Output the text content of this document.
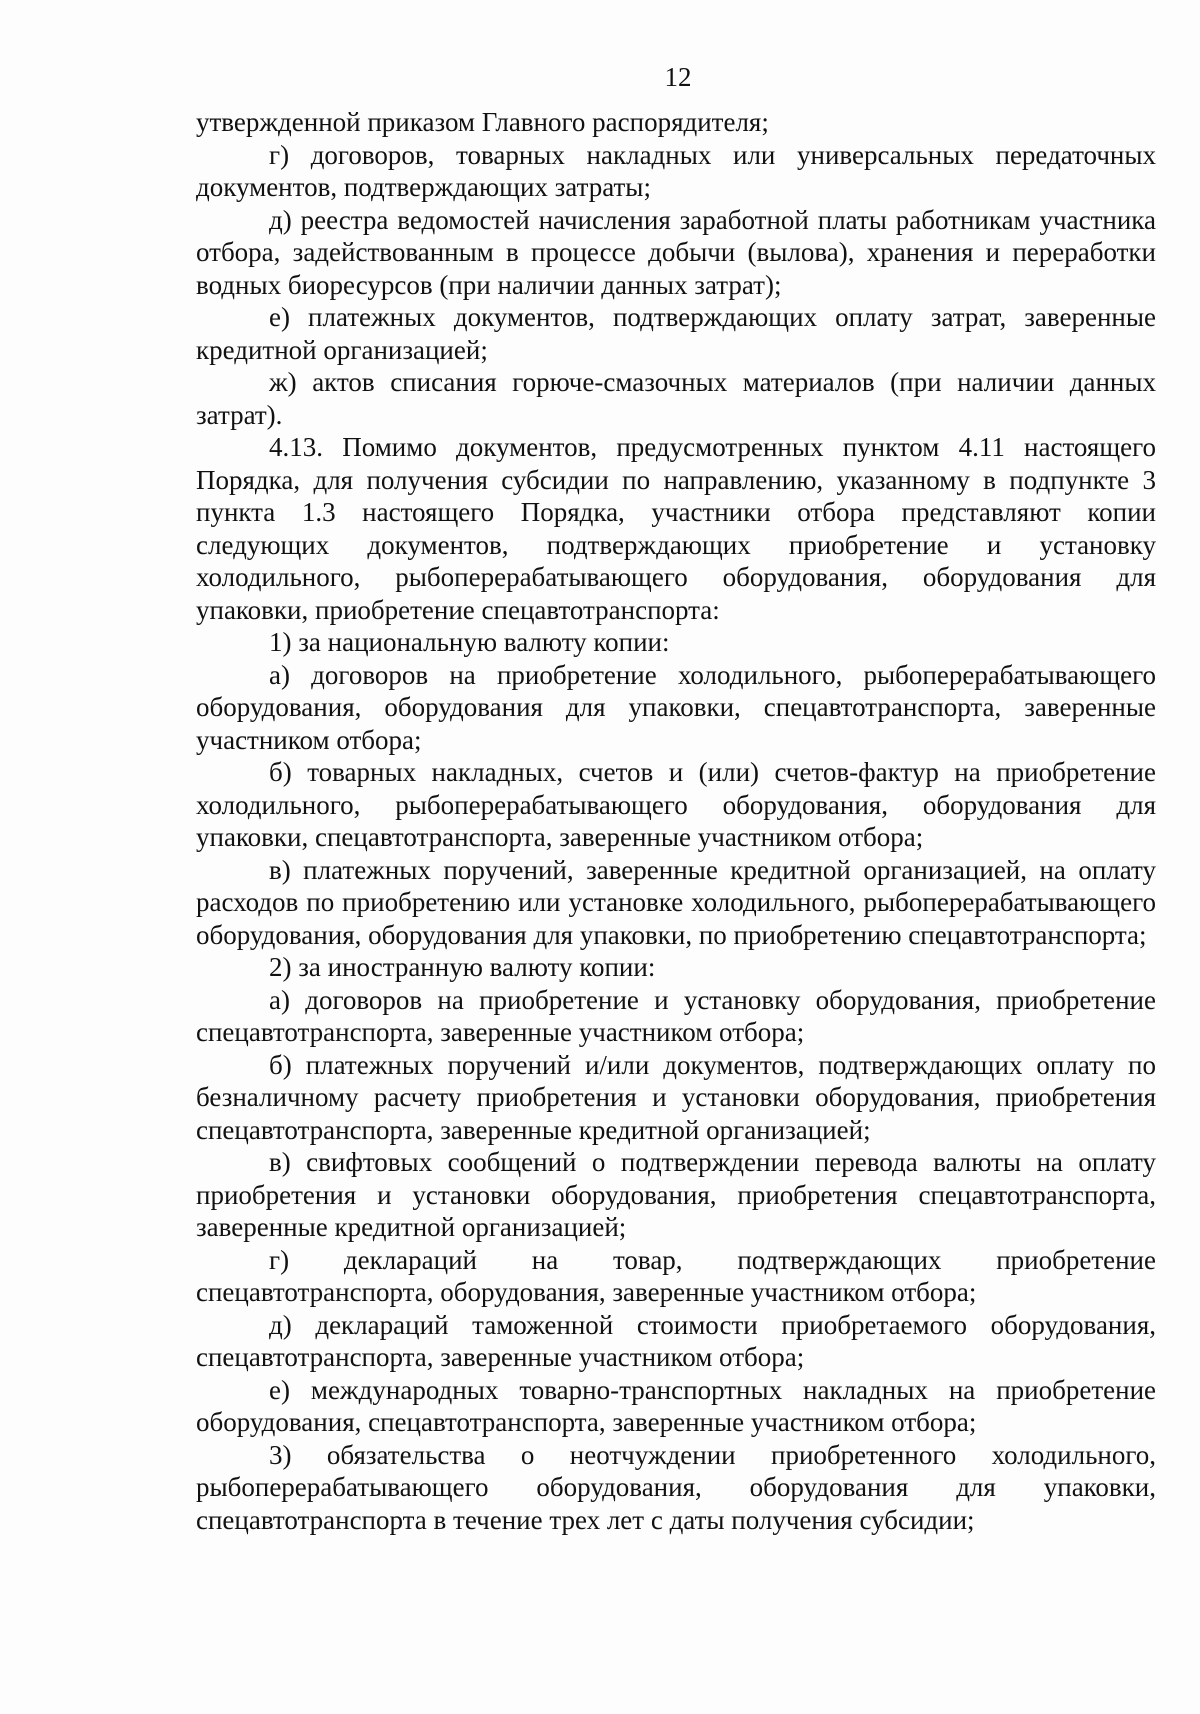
12

утвержденной приказом Главного распорядителя;

г) договоров, товарных накладных или универсальных передаточных документов, подтверждающих затраты;

д) реестра ведомостей начисления заработной платы работникам участника отбора, задействованным в процессе добычи (вылова), хранения и переработки водных биоресурсов (при наличии данных затрат);

е) платежных документов, подтверждающих оплату затрат, заверенные кредитной организацией;

ж) актов списания горюче-смазочных материалов (при наличии данных затрат).

4.13. Помимо документов, предусмотренных пунктом 4.11 настоящего Порядка, для получения субсидии по направлению, указанному в подпункте 3 пункта 1.3 настоящего Порядка, участники отбора представляют копии следующих документов, подтверждающих приобретение и установку холодильного, рыбоперерабатывающего оборудования, оборудования для упаковки, приобретение спецавтотранспорта:

1) за национальную валюту копии:

а) договоров на приобретение холодильного, рыбоперерабатывающего оборудования, оборудования для упаковки, спецавтотранспорта, заверенные участником отбора;

б) товарных накладных, счетов и (или) счетов-фактур на приобретение холодильного, рыбоперерабатывающего оборудования, оборудования для упаковки, спецавтотранспорта, заверенные участником отбора;

в) платежных поручений, заверенные кредитной организацией, на оплату расходов по приобретению или установке холодильного, рыбоперерабатывающего оборудования, оборудования для упаковки, по приобретению спецавтотранспорта;

2) за иностранную валюту копии:

а) договоров на приобретение и установку оборудования, приобретение спецавтотранспорта, заверенные участником отбора;

б) платежных поручений и/или документов, подтверждающих оплату по безналичному расчету приобретения и установки оборудования, приобретения спецавтотранспорта, заверенные кредитной организацией;

в) свифтовых сообщений о подтверждении перевода валюты на оплату приобретения и установки оборудования, приобретения спецавтотранспорта, заверенные кредитной организацией;

г) деклараций на товар, подтверждающих приобретение спецавтотранспорта, оборудования, заверенные участником отбора;

д) деклараций таможенной стоимости приобретаемого оборудования, спецавтотранспорта, заверенные участником отбора;

е) международных товарно-транспортных накладных на приобретение оборудования, спецавтотранспорта, заверенные участником отбора;

3) обязательства о неотчуждении приобретенного холодильного, рыбоперерабатывающего оборудования, оборудования для упаковки, спецавтотранспорта в течение трех лет с даты получения субсидии;
